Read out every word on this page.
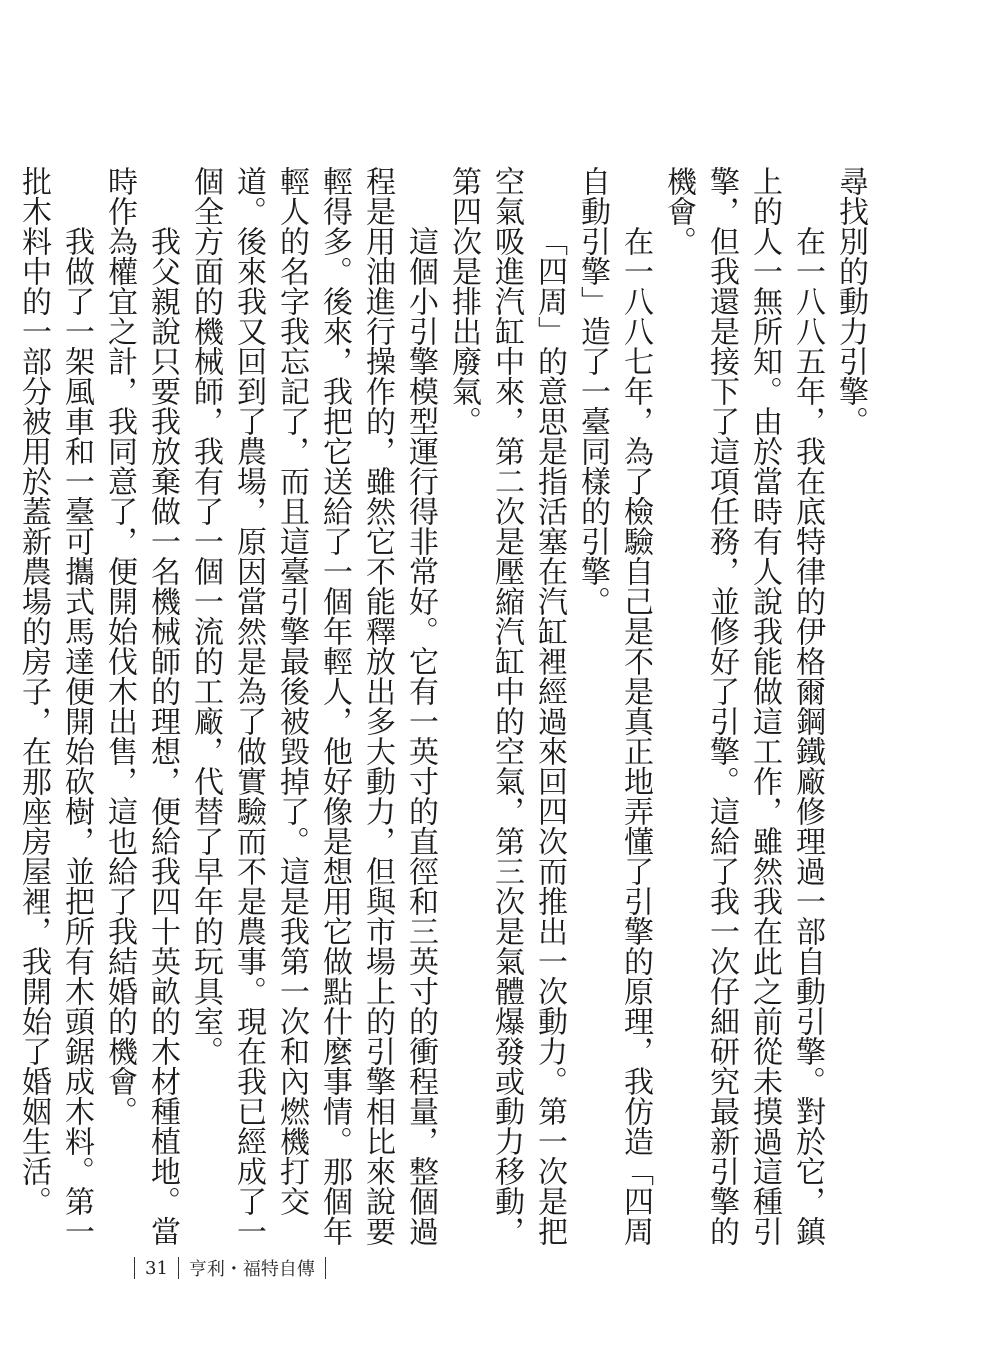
尋找別的動力引擎。

在一八八五年，我在底特律的伊格爾鋼鐵廠修理過一部自動引擎。對於它，鎮上的人一無所知。由於當時有人說我能做這工作，雖然我在此之前從未摸過這種引擎，但我還是接下了這項任務，並修好了引擎。這給了我一次仔細研究最新引擎的機會。

在一八八七年，為了檢驗自己是不是真正地弄懂了引擎的原理，我仿造「四周自動引擎」造了一臺同樣的引擎。

「四周」的意思是指活塞在汽缸裡經過來回四次而推出一次動力。第一次是把空氣吸進汽缸中來，第二次是壓縮汽缸中的空氣，第三次是氣體爆發或動力移動，第四次是排出廢氣。

這個小引擎模型運行得非常好。它有一英寸的直徑和三英寸的衝程量，整個過程是用油進行操作的，雖然它不能釋放出多大動力，但與市場上的引擎相比來說要輕得多。後來，我把它送給了一個年輕人，他好像是想用它做點什麼事情。那個年輕人的名字我忘記了，而且這臺引擎最後被毀掉了。這是我第一次和內燃機打交道。後來我又回到了農場，原因當然是為了做實驗而不是農事。現在我已經成了一個全方面的機械師，我有了一個一流的工廠，代替了早年的玩具室。

我父親說只要我放棄做一名機械師的理想，便給我四十英畝的木材種植地。當時作為權宜之計，我同意了，便開始伐木出售，這也給了我結婚的機會。

我做了一架風車和一臺可攜式馬達便開始砍樹，並把所有木頭鋸成木料。第一批木料中的一部分被用於蓋新農場的房子，在那座房屋裡，我開始了婚姻生活。

31 亨利・福特自傳
